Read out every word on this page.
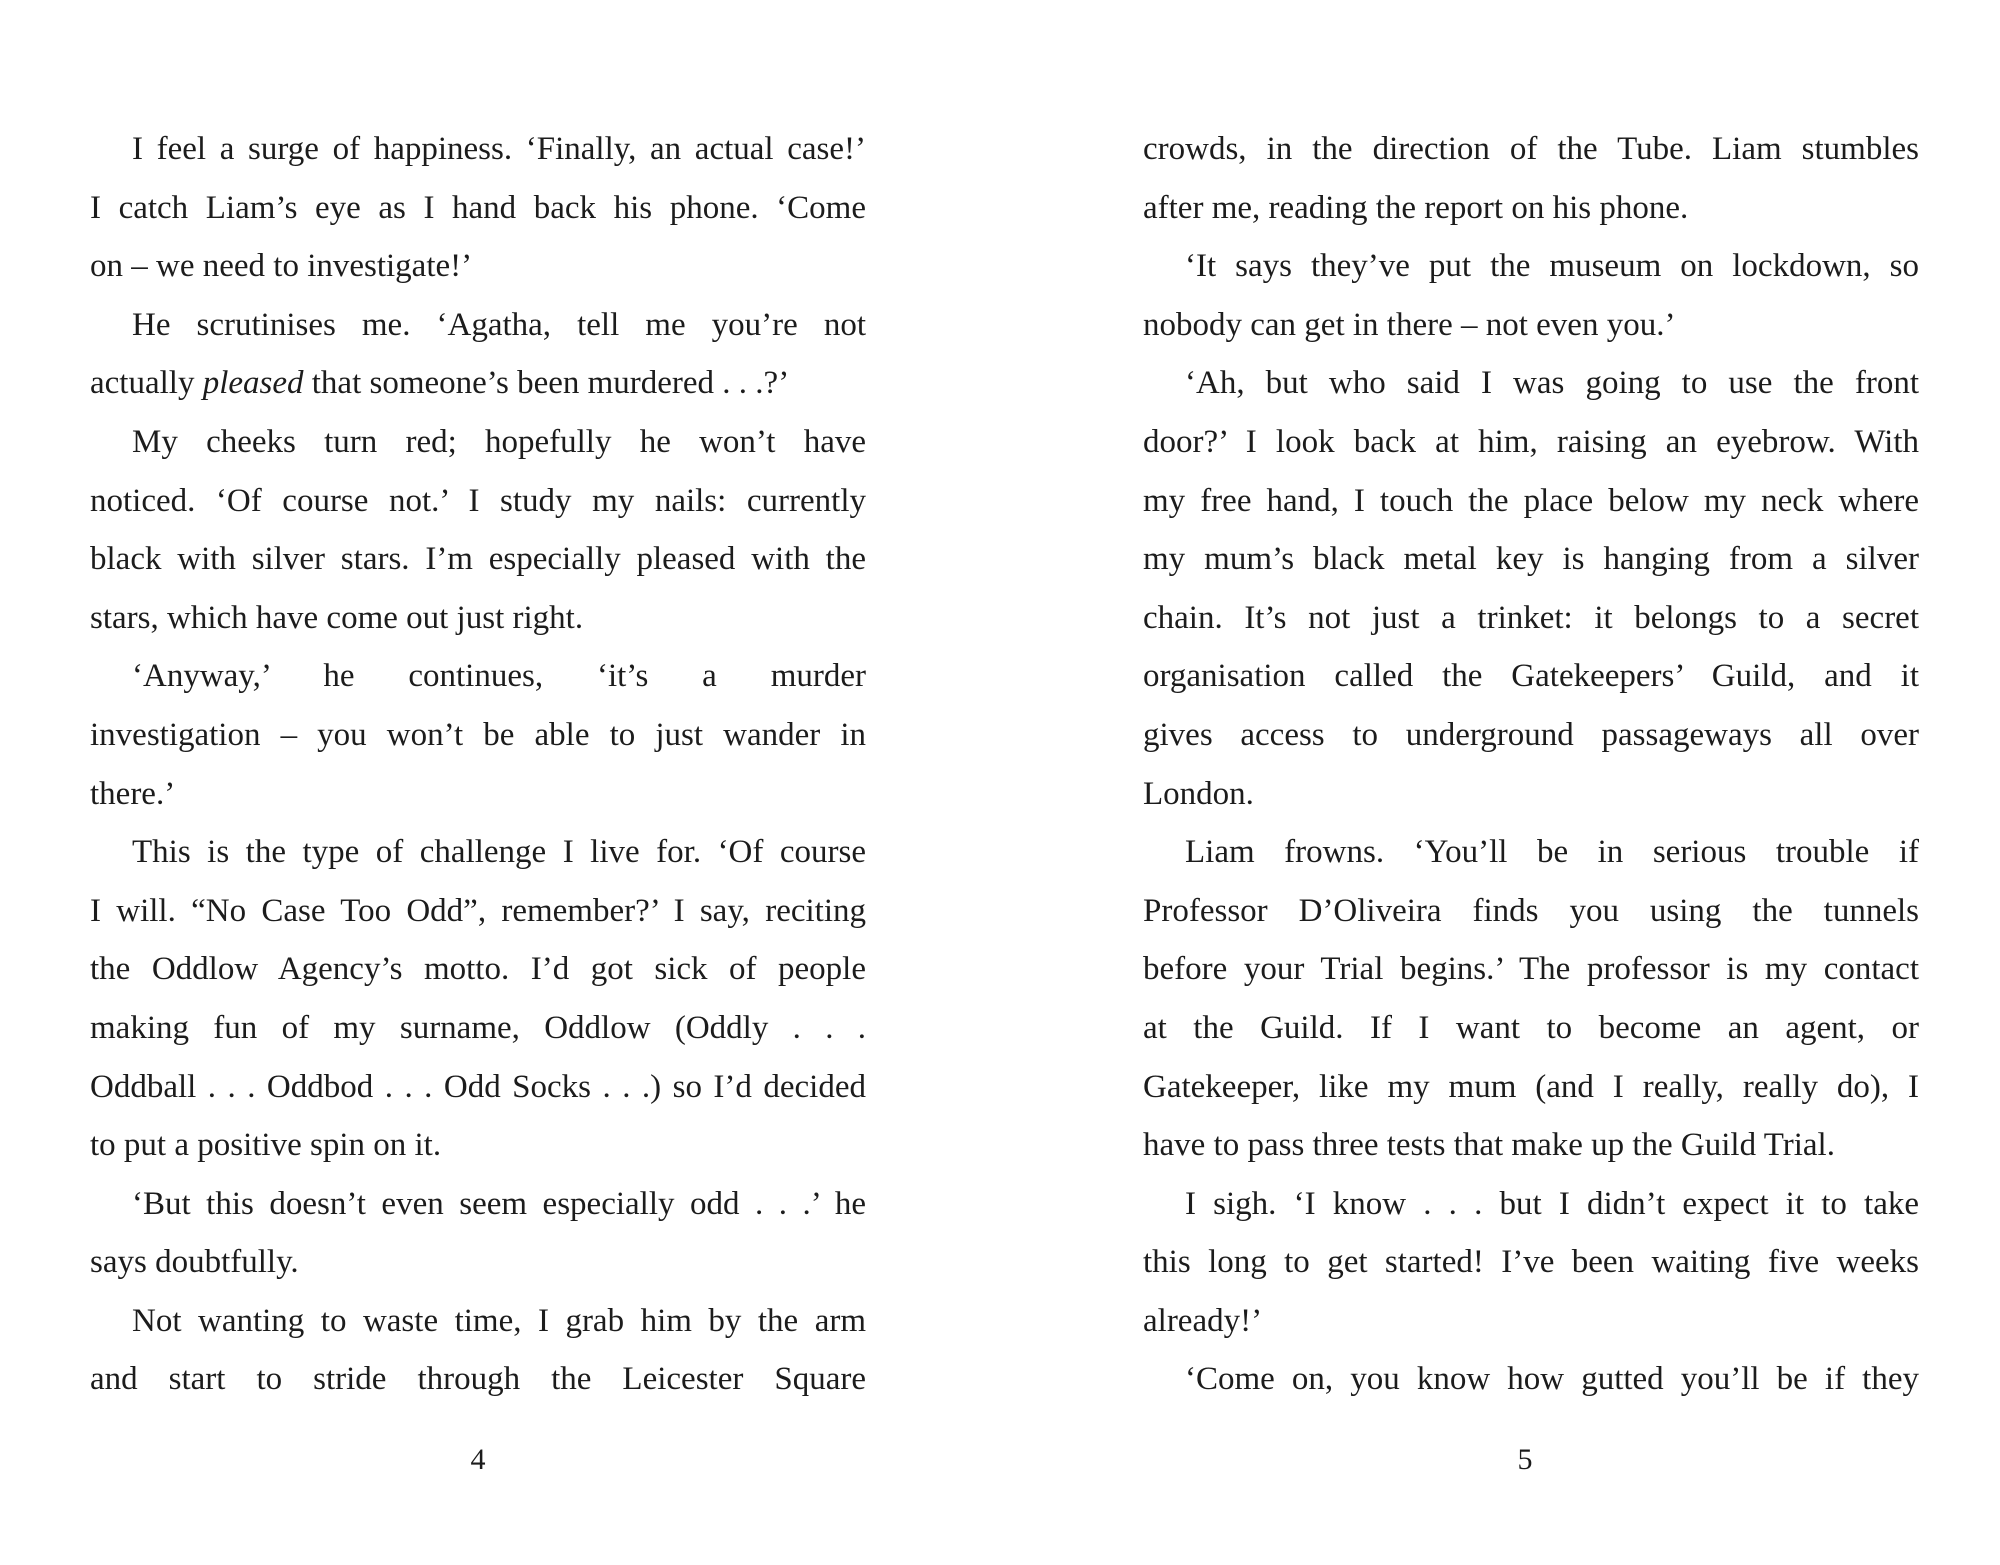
I feel a surge of happiness. ‘Finally, an actual case!’
I catch Liam’s eye as I hand back his phone. ‘Come
on – we need to investigate!’
He scrutinises me. ‘Agatha, tell me you’re not
actually pleased that someone’s been murdered . . .?’
My cheeks turn red; hopefully he won’t have
noticed. ‘Of course not.’ I study my nails: currently
black with silver stars. I’m especially pleased with the
stars, which have come out just right.
‘Anyway,’ he continues, ‘it’s a murder
investigation – you won’t be able to just wander in
there.’
This is the type of challenge I live for. ‘Of course
I will. “No Case Too Odd”, remember?’ I say, reciting
the Oddlow Agency’s motto. I’d got sick of people
making fun of my surname, Oddlow (Oddly . . .
Oddball . . . Oddbod . . . Odd Socks . . .) so I’d decided
to put a positive spin on it.
‘But this doesn’t even seem especially odd . . .’ he
says doubtfully.
Not wanting to waste time, I grab him by the arm
and start to stride through the Leicester Square
4
crowds, in the direction of the Tube. Liam stumbles
after me, reading the report on his phone.
‘It says they’ve put the museum on lockdown, so
nobody can get in there – not even you.’
‘Ah, but who said I was going to use the front
door?’ I look back at him, raising an eyebrow. With
my free hand, I touch the place below my neck where
my mum’s black metal key is hanging from a silver
chain. It’s not just a trinket: it belongs to a secret
organisation called the Gatekeepers’ Guild, and it
gives access to underground passageways all over
London.
Liam frowns. ‘You’ll be in serious trouble if
Professor D’Oliveira finds you using the tunnels
before your Trial begins.’ The professor is my contact
at the Guild. If I want to become an agent, or
Gatekeeper, like my mum (and I really, really do), I
have to pass three tests that make up the Guild Trial.
I sigh. ‘I know . . . but I didn’t expect it to take
this long to get started! I’ve been waiting five weeks
already!’
‘Come on, you know how gutted you’ll be if they
5
